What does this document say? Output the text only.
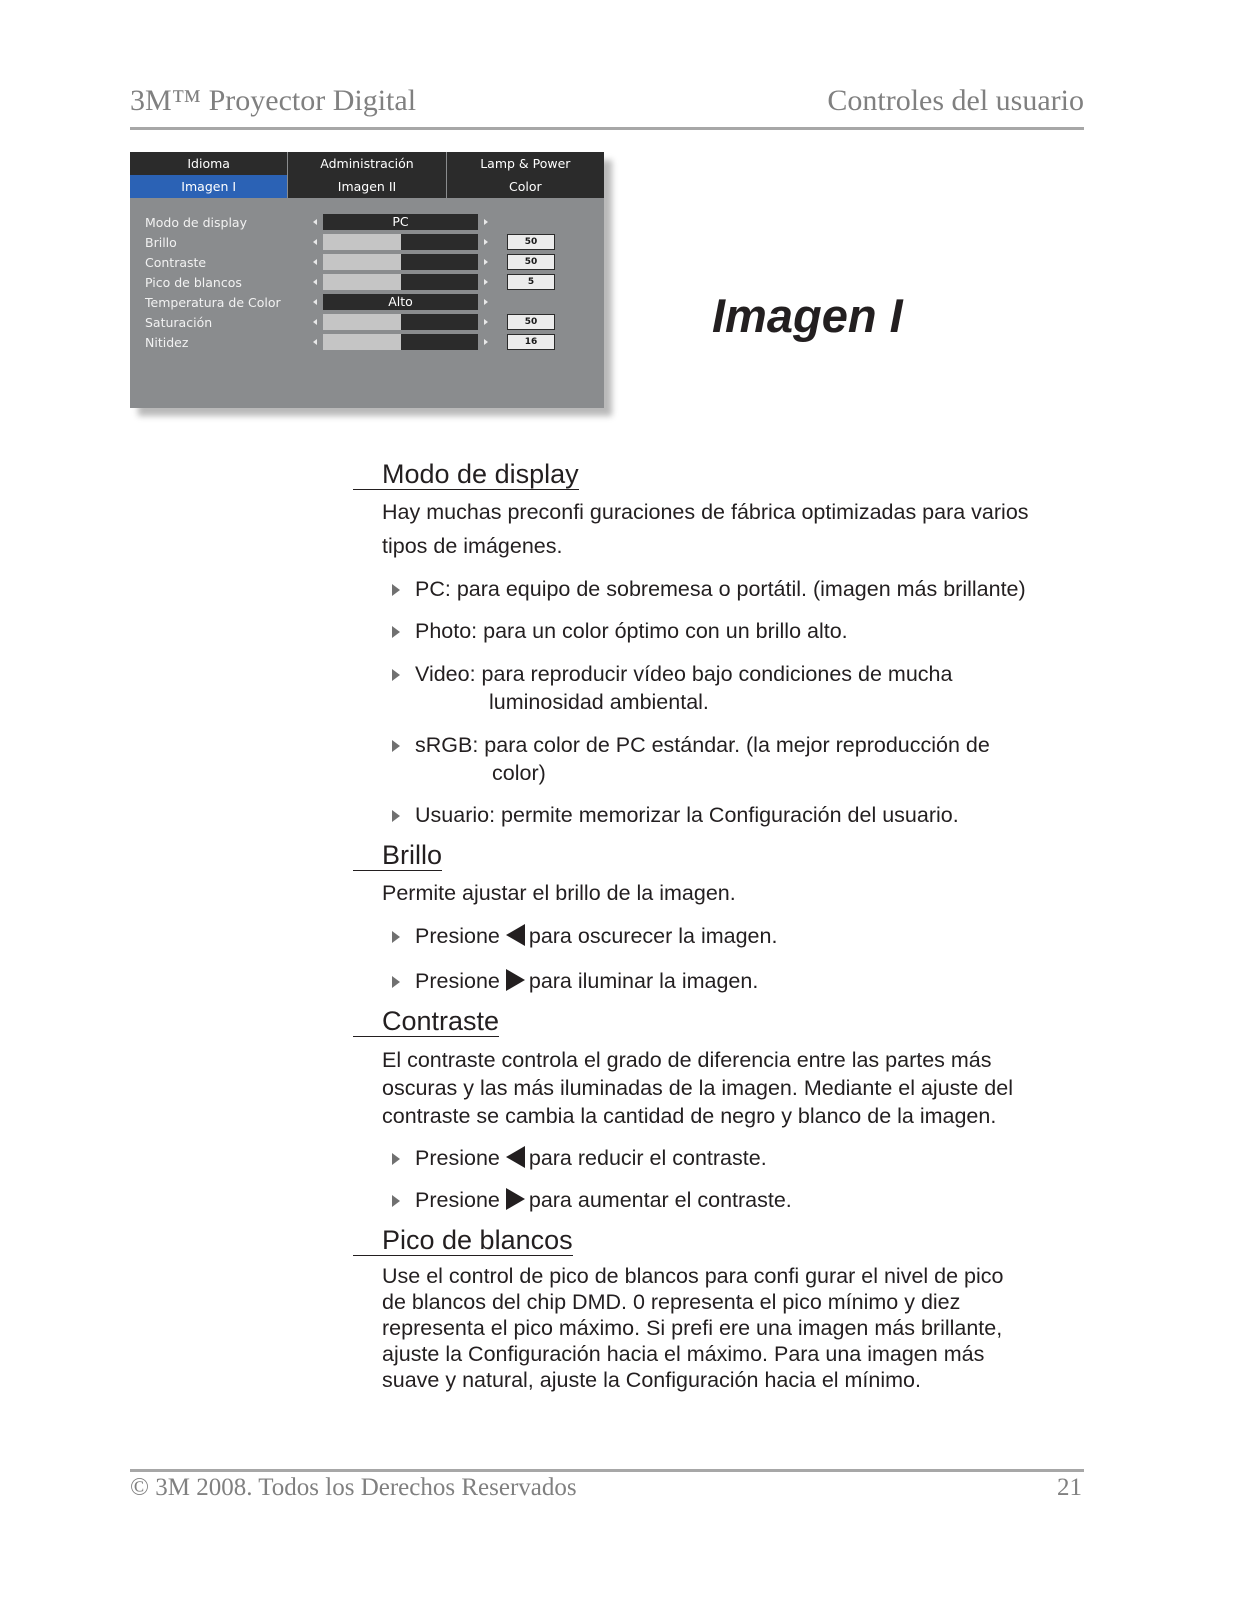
3M™ Proyector Digital	Controles del usuario
Idioma	Administración	Lamp & Power
Imagen I	Imagen II	Color
Modo de display	PC
Brillo	50
Contraste	50
Pico de blancos	5
Temperatura de Color	Alto
Saturación	50
Nitidez	16	Imagen I
Modo de display
Hay muchas preconfi guraciones de fábrica optimizadas para varios
tipos de imágenes.
PC: para equipo de sobremesa o portátil. (imagen más brillante)
Photo: para un color óptimo con un brillo alto.
Video: para reproducir vídeo bajo condiciones de mucha
luminosidad ambiental.
sRGB: para color de PC estándar. (la mejor reproducción de
color)
Usuario: permite memorizar la Configuración del usuario.
Brillo
Permite ajustar el brillo de la imagen.
Presione para oscurecer la imagen.
Presione para iluminar la imagen.
Contraste
El contraste controla el grado de diferencia entre las partes más
oscuras y las más iluminadas de la imagen. Mediante el ajuste del
contraste se cambia la cantidad de negro y blanco de la imagen.
Presione para reducir el contraste.
Presione para aumentar el contraste.
Pico de blancos
Use el control de pico de blancos para confi gurar el nivel de pico
de blancos del chip DMD. 0 representa el pico mínimo y diez
representa el pico máximo. Si prefi ere una imagen más brillante,
ajuste la Configuración hacia el máximo. Para una imagen más
suave y natural, ajuste la Configuración hacia el mínimo.
© 3M 2008. Todos los Derechos Reservados	21
